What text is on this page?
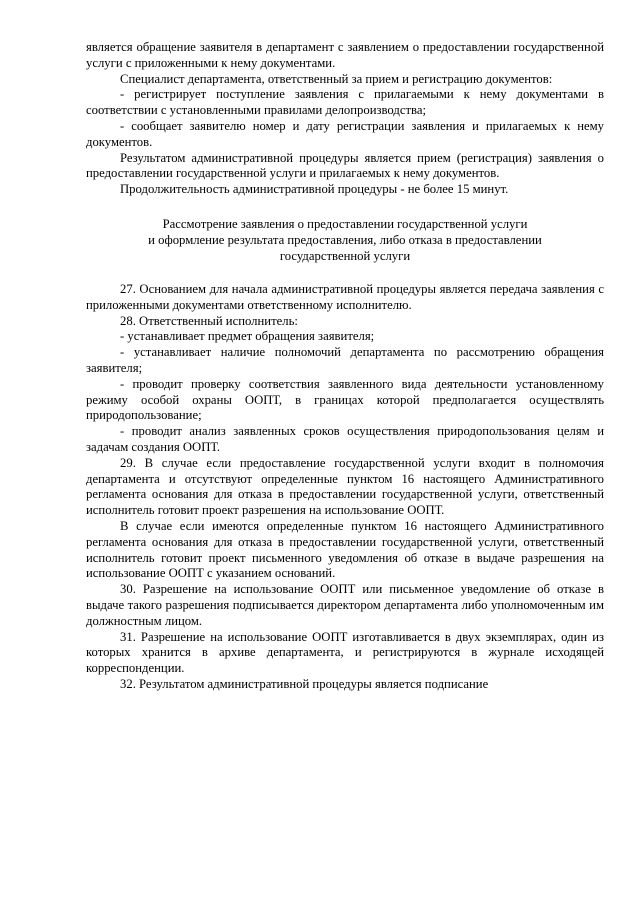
является обращение заявителя в департамент с заявлением о предоставлении государственной услуги с приложенными к нему документами.

Специалист департамента, ответственный за прием и регистрацию документов:

- регистрирует поступление заявления с прилагаемыми к нему документами в соответствии с установленными правилами делопроизводства;

- сообщает заявителю номер и дату регистрации заявления и прилагаемых к нему документов.

Результатом административной процедуры является прием (регистрация) заявления о предоставлении государственной услуги и прилагаемых к нему документов.

Продолжительность административной процедуры - не более 15 минут.

Рассмотрение заявления о предоставлении государственной услуги
и оформление результата предоставления, либо отказа в предоставлении
государственной услуги

27. Основанием для начала административной процедуры является передача заявления с приложенными документами ответственному исполнителю.

28. Ответственный исполнитель:

- устанавливает предмет обращения заявителя;

- устанавливает наличие полномочий департамента по рассмотрению обращения заявителя;

- проводит проверку соответствия заявленного вида деятельности установленному режиму особой охраны ООПТ, в границах которой предполагается осуществлять природопользование;

- проводит анализ заявленных сроков осуществления природопользования целям и задачам создания ООПТ.

29. В случае если предоставление государственной услуги входит в полномочия департамента и отсутствуют определенные пунктом 16 настоящего Административного регламента основания для отказа в предоставлении государственной услуги, ответственный исполнитель готовит проект разрешения на использование ООПТ.

В случае если имеются определенные пунктом 16 настоящего Административного регламента основания для отказа в предоставлении государственной услуги, ответственный исполнитель готовит проект письменного уведомления об отказе в выдаче разрешения на использование ООПТ с указанием оснований.

30. Разрешение на использование ООПТ или письменное уведомление об отказе в выдаче такого разрешения подписывается директором департамента либо уполномоченным им должностным лицом.

31. Разрешение на использование ООПТ изготавливается в двух экземплярах, один из которых хранится в архиве департамента, и регистрируются в журнале исходящей корреспонденции.

32. Результатом административной процедуры является подписание
